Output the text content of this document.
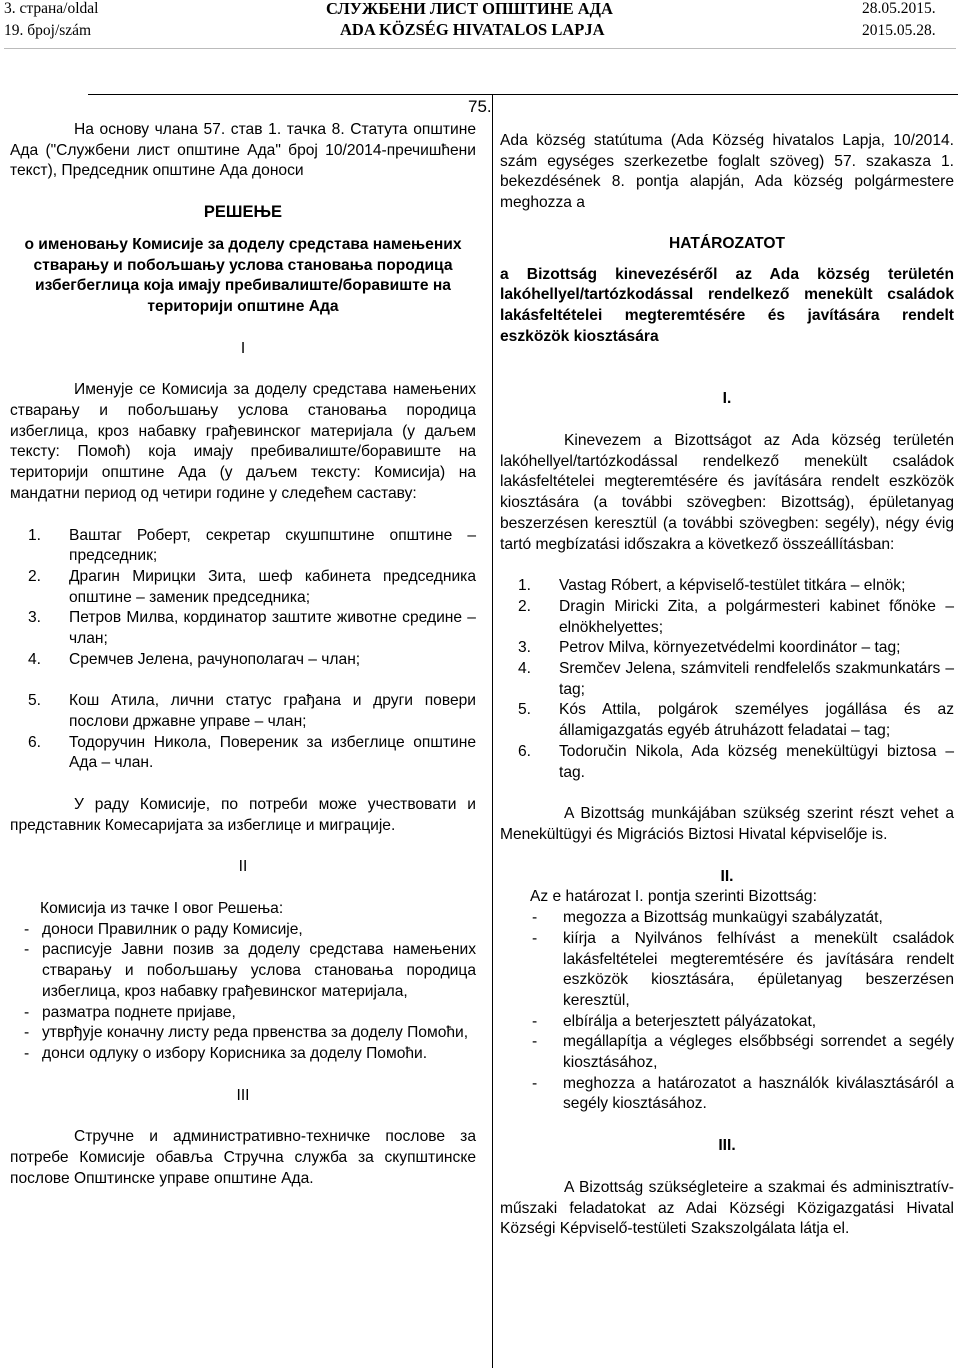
3. страна/oldal
19. број/szám
СЛУЖБЕНИ ЛИСТ ОПШТИНЕ АДА
ADA KÖZSÉG HIVATALOS LAPJA
28.05.2015.
2015.05.28.
75.

На основу члана 57. став 1. тачка 8. Статута општине Ада ("Службени лист општине Ада" број 10/2014-пречишћени текст), Председник општине Ада доноси

РЕШЕЊЕ

о именовању Комисије за доделу средстава намењених стварању и побољшању услова становања породица избегбеглица која имају пребивалиште/боравиште на територији општине Ада

I

Именује се Комисија за доделу средстава намењених стварању и побољшању услова становања породица избеглица, кроз набавку грађевинског материјала (у даљем тексту: Помоћ) која имају пребивалиште/боравиште на територији општине Ада (у даљем тексту: Комисија) на мандатни период од четири године у следећем саставу:

1. Ваштаг Роберт, секретар скушпштине општине – председник;
2. Драгин Мирицки Зита, шеф кабинета председника општине – заменик председника;
3. Петров Милва, кординатор заштите животне средине – члан;
4. Сремчев Јелена, рачунополагач – члан;
5. Кош Атила, лични статус грађана и други повери послови државне управе – члан;
6. Тодоручин Никола, Повереник за избеглице општине Ада – члан.

У раду Комисије, по потреби може учествовати и представник Комесаријата за избеглице и миграције.

II

Комисија из тачке I овог Решења:

- доноси Правилник о раду Комисије,
- расписује Јавни позив за доделу средстава намењених стварању и побољшању услова становања породица избеглица, кроз набавку грађевинског материјала,
- разматра поднете пријаве,
- утврђује коначну листу реда првенства за доделу Помоћи,
- донси одлуку о избору Корисника за доделу Помоћи.

III

Стручне и административно-техничке послове за потребе Комисије обавља Стручна служба за скупштинске послове Општинске управе општине Ада.

Ada község statútuma (Ada Község hivatalos Lapja, 10/2014. szám egységes szerkezetbe foglalt szöveg) 57. szakasza 1. bekezdésének 8. pontja alapján, Ada község polgármestere meghozza a

HATÁROZATOT

a Bizottság kinevezéséről az Ada község területén lakóhellyel/tartózkodással rendelkező menekült családok lakásfeltételei megteremtésére és javítására rendelt eszközök kiosztására

I.

Kinevezem a Bizottságot az Ada község területén lakóhellyel/tartózkodással rendelkező menekült családok lakásfeltételei megteremtésére és javítására rendelt eszközök kiosztására (a további szövegben: Bizottság), épületanyag beszerzésen keresztül (a további szövegben: segély), négy évig tartó megbízatási időszakra a következő összeállításban:

1. Vastag Róbert, a képviselő-testület titkára – elnök;
2. Dragin Miricki Zita, a polgármesteri kabinet főnöke – elnökhelyettes;
3. Petrov Milva, környezetvédelmi koordinátor – tag;
4. Sremčev Jelena, számviteli rendfelelős szakmunkatárs – tag;
5. Kós Attila, polgárok személyes jogállása és az államigazgatás egyéb átruházott feladatai – tag;
6. Todoručin Nikola, Ada község menekültügyi biztosa – tag.

A Bizottság munkájában szükség szerint részt vehet a Menekültügyi és Migrációs Biztosi Hivatal képviselője is.

II.

Az e határozat I. pontja szerinti Bizottság:

- megozza a Bizottság munkaügyi szabályzatát,
- kiírja a Nyilvános felhívást a menekült családok lakásfeltételei megteremtésére és javítására rendelt eszközök kiosztására, épületanyag beszerzésen keresztül,
- elbírálja a beterjesztett pályázatokat,
- megállapítja a végleges elsőbbségi sorrendet a segély kiosztásához,
- meghozza a határozatot a használók kiválasztásáról a segély kiosztásához.

III.

A Bizottság szükségleteire a szakmai és adminisztratív-műszaki feladatokat az Adai Községi Közigazgatási Hivatal Községi Képviselő-testületi Szakszolgálata látja el.
